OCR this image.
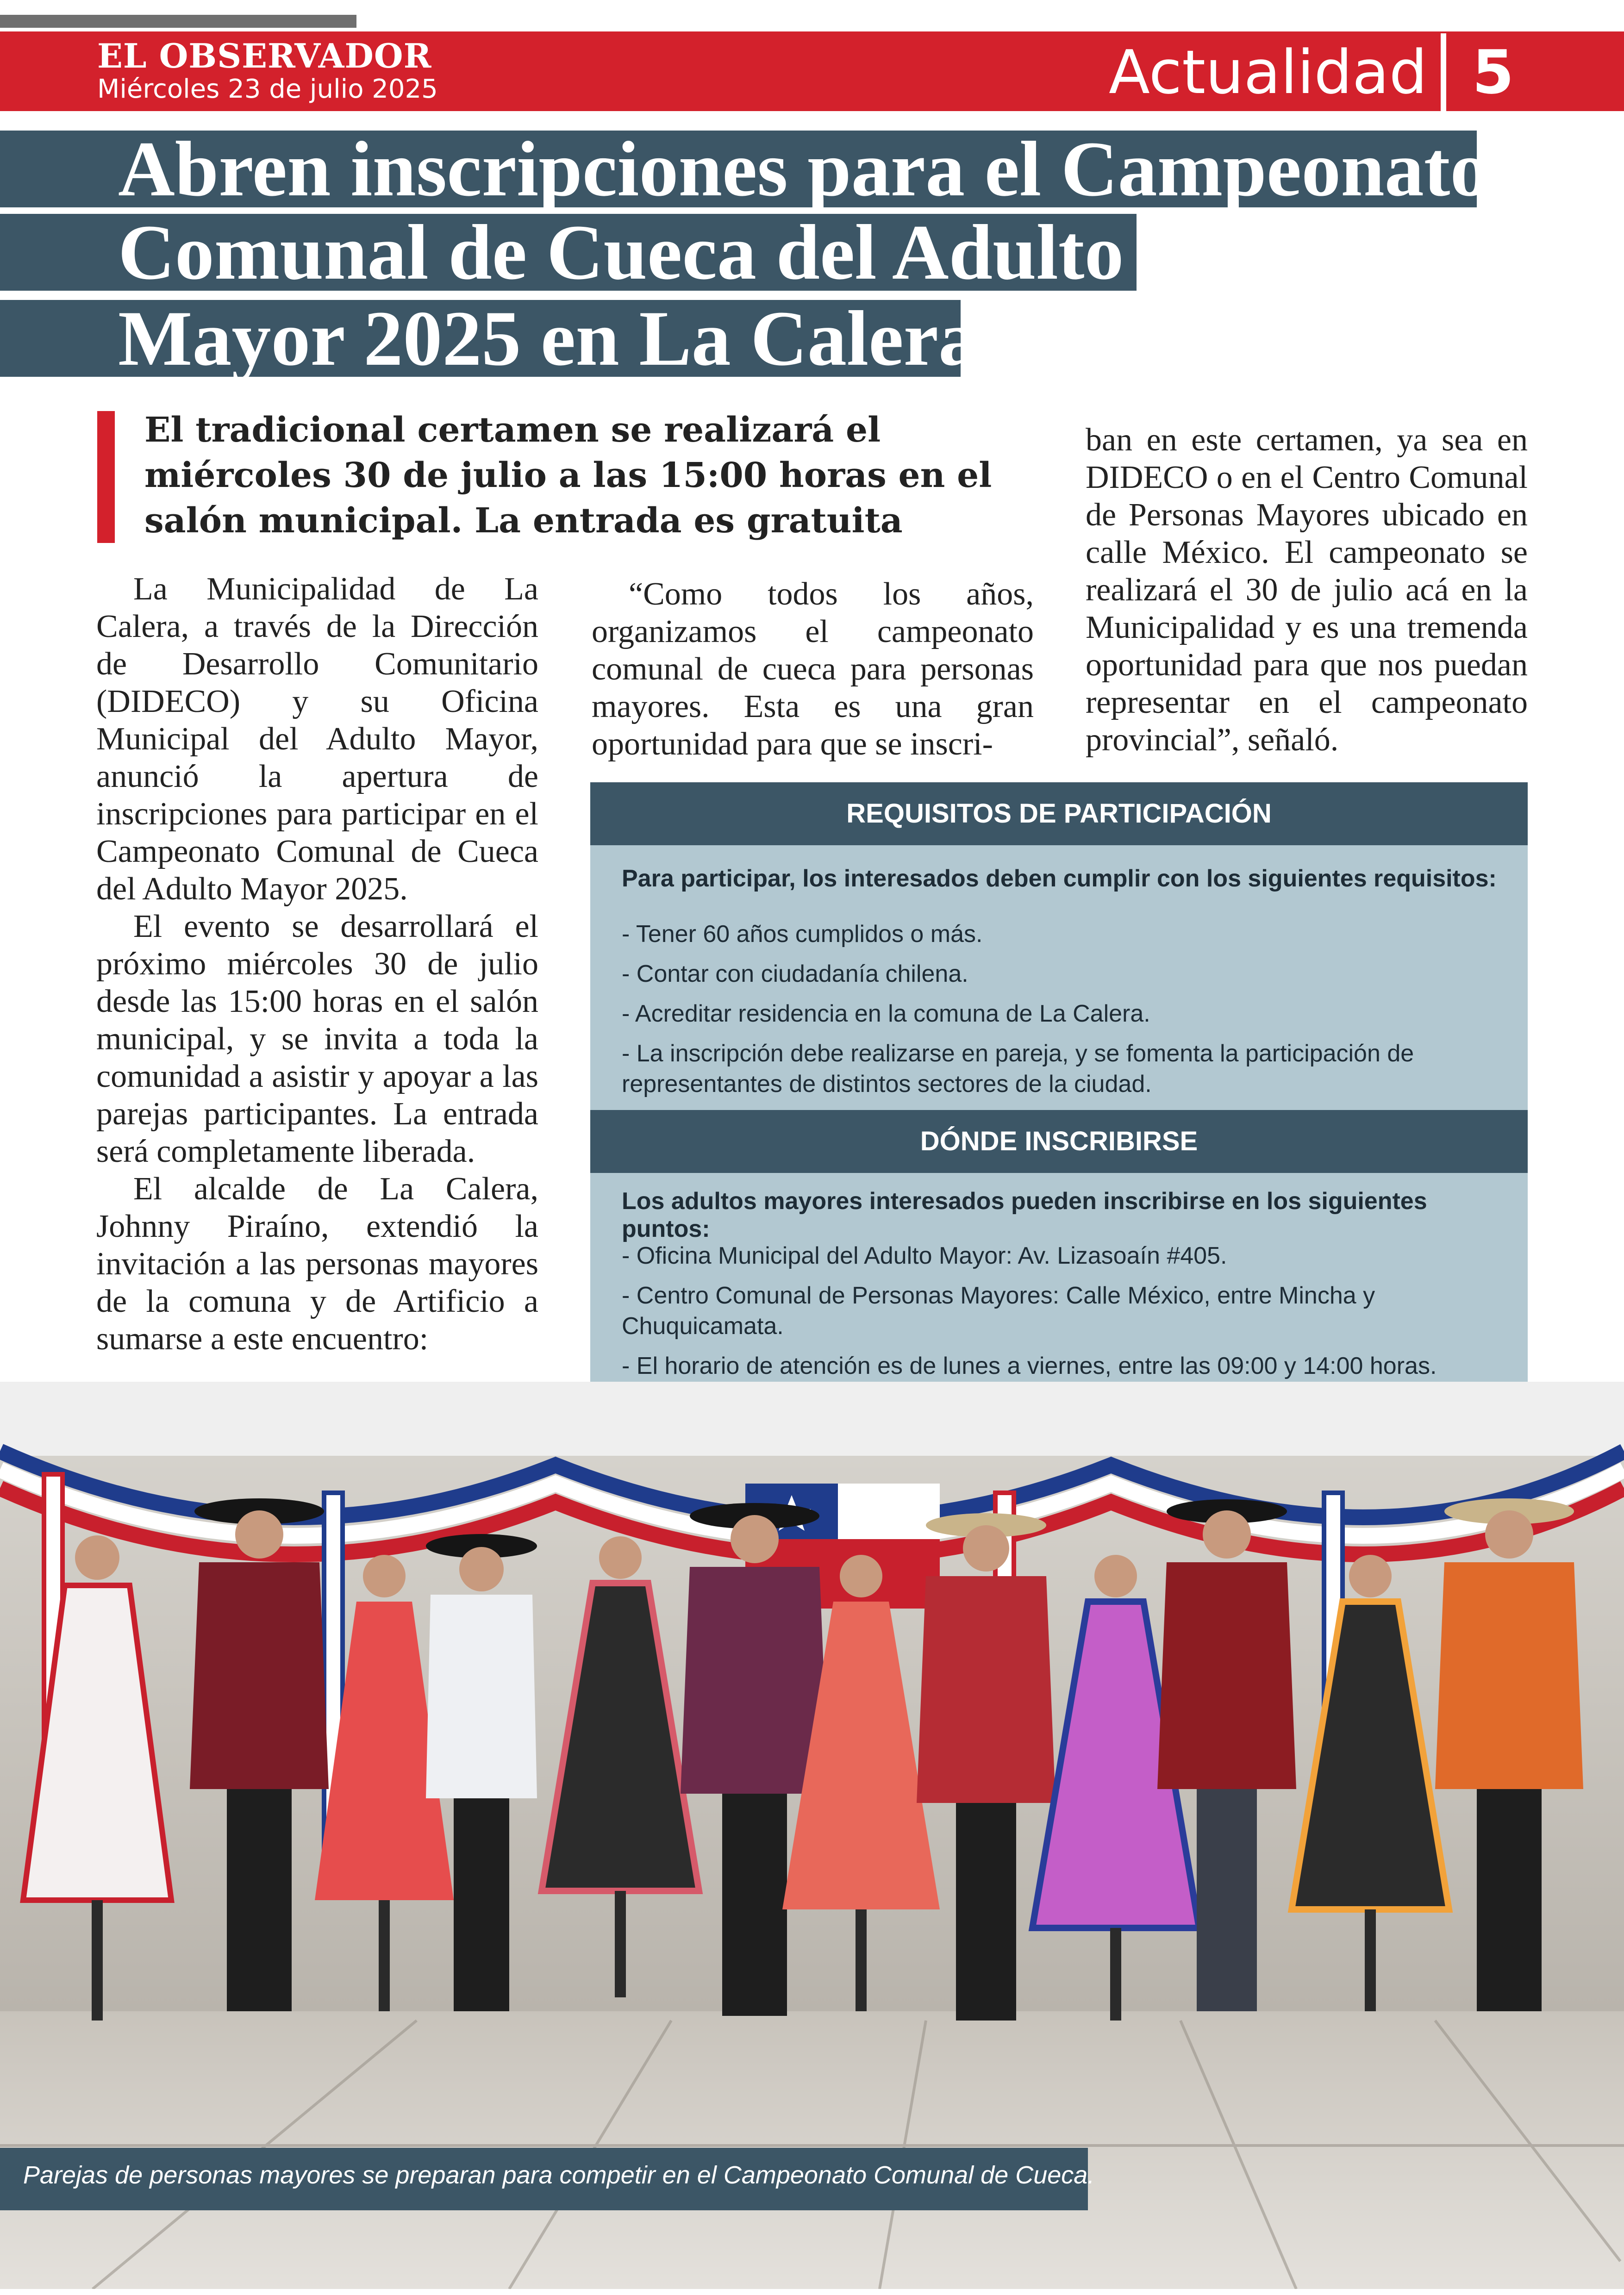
EL OBSERVADOR
Miércoles 23 de julio 2025	Actualidad 5
Abren inscripciones para el Campeonato
Comunal de Cueca del Adulto
Mayor 2025 en La Calera
El tradicional certamen se realizará el miércoles 30 de julio a las 15:00 horas en el salón municipal. La entrada es gratuita

La Municipalidad de La Calera, a través de la Dirección de Desarrollo Comunitario (DIDECO) y su Oficina Municipal del Adulto Mayor, anunció la apertura de inscripciones para participar en el Campeonato Comunal de Cueca del Adulto Mayor 2025.

El evento se desarrollará el próximo miércoles 30 de julio desde las 15:00 horas en el salón municipal, y se invita a toda la comunidad a asistir y apoyar a las parejas participantes. La entrada será completamente liberada.

El alcalde de La Calera, Johnny Piraíno, extendió la invitación a las personas mayores de la comuna y de Artificio a sumarse a este encuentro:

“Como todos los años, organizamos el campeonato comunal de cueca para personas mayores. Esta es una gran oportunidad para que se inscri-

ban en este certamen, ya sea en DIDECO o en el Centro Comunal de Personas Mayores ubicado en calle México. El campeonato se realizará el 30 de julio acá en la Municipalidad y es una tremenda oportunidad para que nos puedan representar en el campeonato provincial”, señaló.

REQUISITOS DE PARTICIPACIÓN
Para participar, los interesados deben cumplir con los siguientes requisitos:
- Tener 60 años cumplidos o más.
- Contar con ciudadanía chilena.
- Acreditar residencia en la comuna de La Calera.
- La inscripción debe realizarse en pareja, y se fomenta la participación de representantes de distintos sectores de la ciudad.
DÓNDE INSCRIBIRSE
Los adultos mayores interesados pueden inscribirse en los siguientes puntos:
- Oficina Municipal del Adulto Mayor: Av. Lizasoaín #405.
- Centro Comunal de Personas Mayores: Calle México, entre Mincha y Chuquicamata.
- El horario de atención es de lunes a viernes, entre las 09:00 y 14:00 horas.
Parejas de personas mayores se preparan para competir en el Campeonato Comunal de Cueca.
